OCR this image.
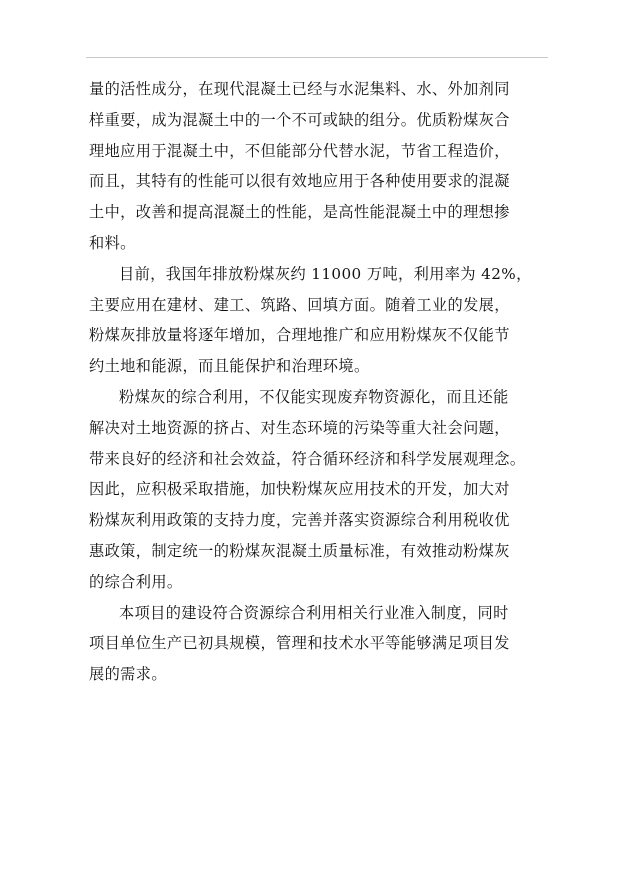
量的活性成分，在现代混凝土已经与水泥集料、水、外加剂同
样重要，成为混凝土中的一个不可或缺的组分。优质粉煤灰合
理地应用于混凝土中，不但能部分代替水泥，节省工程造价，
而且，其特有的性能可以很有效地应用于各种使用要求的混凝
土中，改善和提高混凝土的性能，是高性能混凝土中的理想掺
和料。

目前，我国年排放粉煤灰约 11000 万吨，利用率为 42%，
主要应用在建材、建工、筑路、回填方面。随着工业的发展，
粉煤灰排放量将逐年增加，合理地推广和应用粉煤灰不仅能节
约土地和能源，而且能保护和治理环境。

粉煤灰的综合利用，不仅能实现废弃物资源化，而且还能
解决对土地资源的挤占、对生态环境的污染等重大社会问题，
带来良好的经济和社会效益，符合循环经济和科学发展观理念。
因此，应积极采取措施，加快粉煤灰应用技术的开发，加大对
粉煤灰利用政策的支持力度，完善并落实资源综合利用税收优
惠政策，制定统一的粉煤灰混凝土质量标准，有效推动粉煤灰
的综合利用。

本项目的建设符合资源综合利用相关行业准入制度，同时
项目单位生产已初具规模，管理和技术水平等能够满足项目发
展的需求。
